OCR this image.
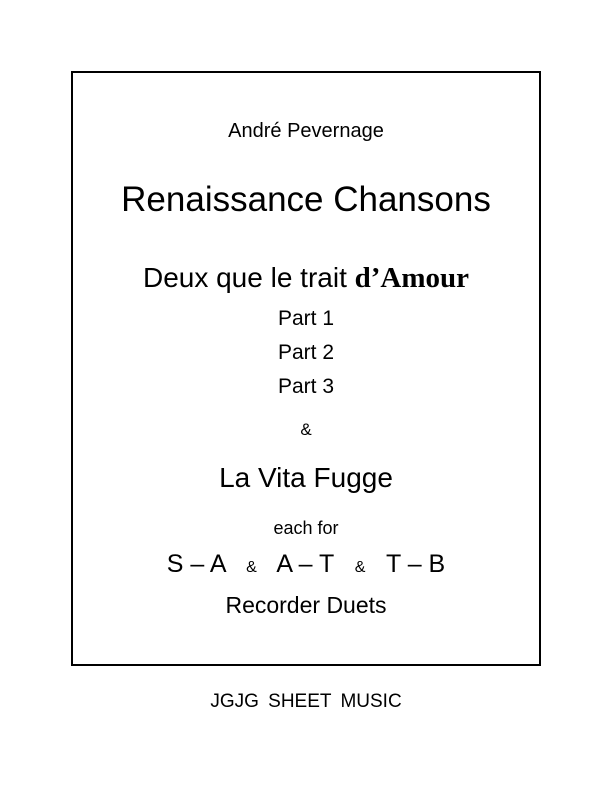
André Pevernage
Renaissance Chansons
Deux que le trait d’Amour
Part 1
Part 2
Part 3
&
La Vita Fugge
each for
S – A & A – T & T – B
Recorder Duets
JGJG SHEET MUSIC
